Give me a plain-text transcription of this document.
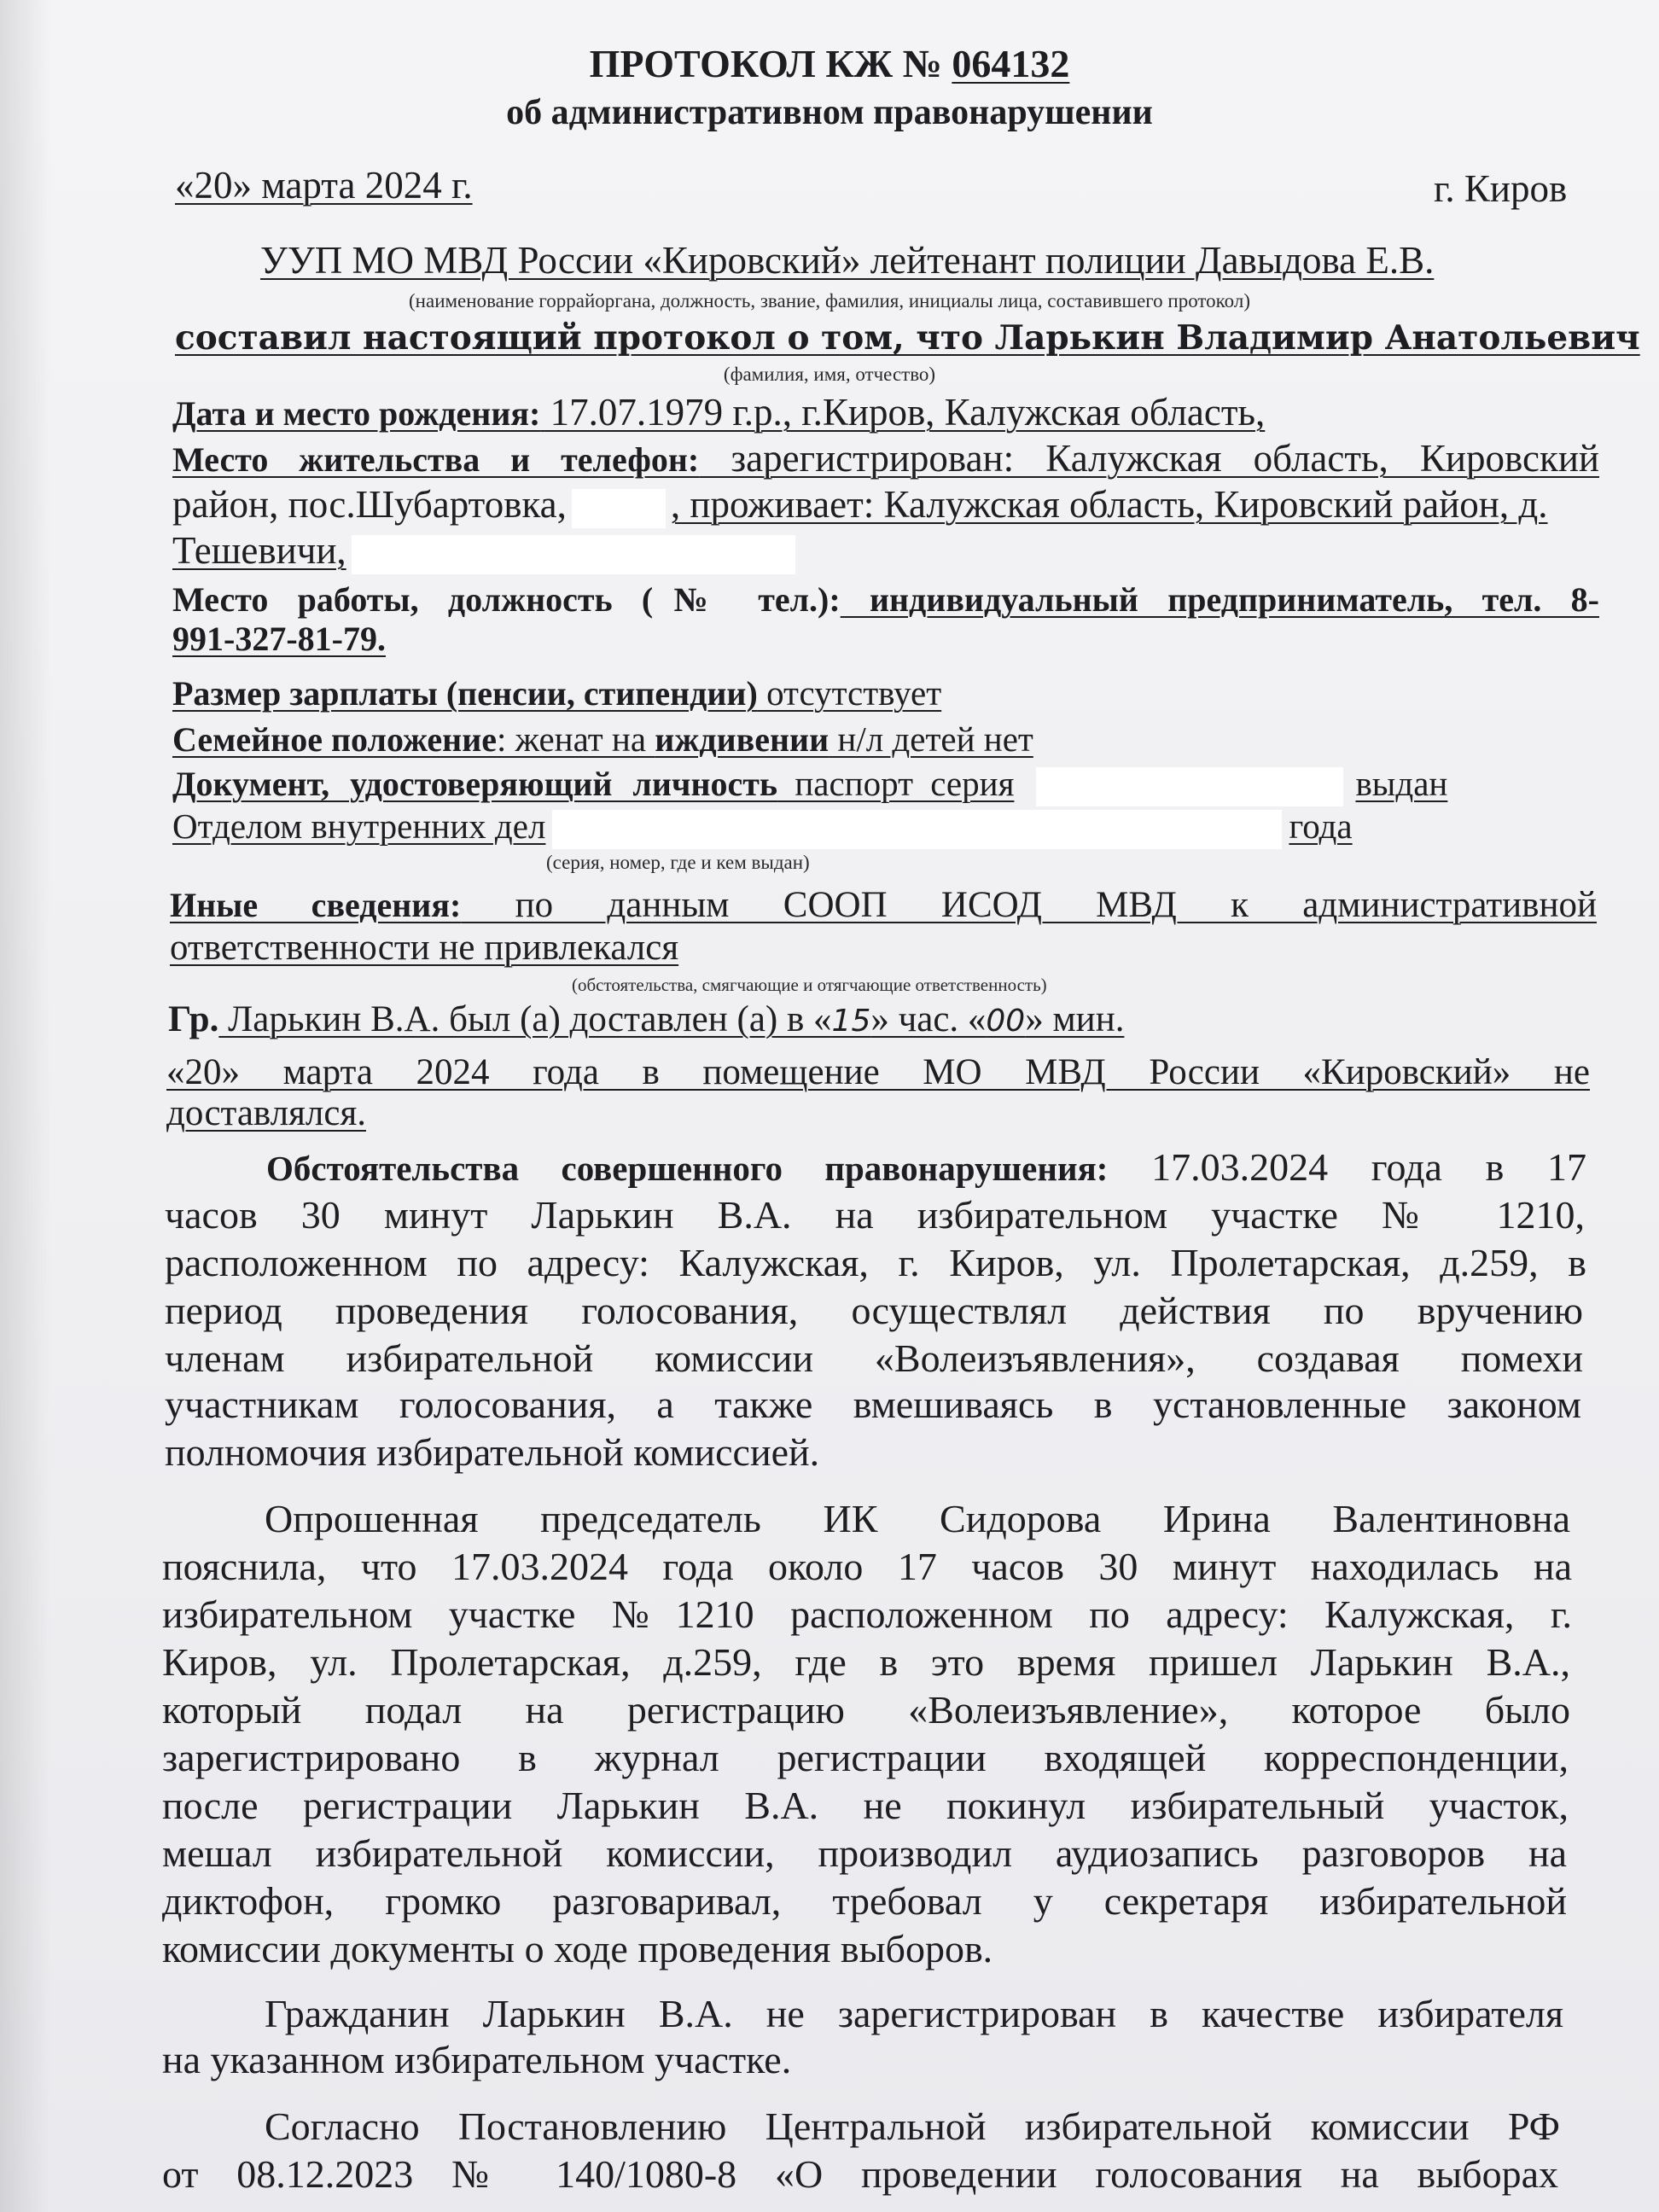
ПРОТОКОЛ КЖ № 064132
об административном правонарушении
«20» марта 2024 г.	г. Киров
УУП МО МВД России «Кировский» лейтенант полиции Давыдова Е.В.
(наименование горрайоргана, должность, звание, фамилия, инициалы лица, составившего протокол)
составил настоящий протокол о том, что Ларькин Владимир Анатольевич
(фамилия, имя, отчество)
Дата и место рождения: 17.07.1979 г.р., г.Киров, Калужская область,
Место жительства и телефон: зарегистрирован: Калужская область, Кировский
район, пос.Шубартовка,	, проживает: Калужская область, Кировский район, д.
Тешевичи,
Место работы, должность (№ тел.): индивидуальный предприниматель, тел. 8-
991-327-81-79.
Размер зарплаты (пенсии, стипендии) отсутствует
Семейное положение: женат на иждивении н/л детей нет
Документ, удостоверяющий личность паспорт серия	выдан
Отделом внутренних дел	года
(серия, номер, где и кем выдан)
Иные сведения: по данным СООП ИСОД МВД к административной
ответственности не привлекался
(обстоятельства, смягчающие и отягчающие ответственность)
Гр. Ларькин В.А. был (а) доставлен (а) в «15» час. «00» мин.
«20» марта 2024 года в помещение МО МВД России «Кировский» не
доставлялся.
Обстоятельства совершенного правонарушения: 17.03.2024 года в 17
часов 30 минут Ларькин В.А. на избирательном участке № 1210,
расположенном по адресу: Калужская, г. Киров, ул. Пролетарская, д.259, в
период проведения голосования, осуществлял действия по вручению
членам избирательной комиссии «Волеизъявления», создавая помехи
участникам голосования, а также вмешиваясь в установленные законом
полномочия избирательной комиссией.
Опрошенная председатель ИК Сидорова Ирина Валентиновна
пояснила, что 17.03.2024 года около 17 часов 30 минут находилась на
избирательном участке №1210 расположенном по адресу: Калужская, г.
Киров, ул. Пролетарская, д.259, где в это время пришел Ларькин В.А.,
который подал на регистрацию «Волеизъявление», которое было
зарегистрировано в журнал регистрации входящей корреспонденции,
после регистрации Ларькин В.А. не покинул избирательный участок,
мешал избирательной комиссии, производил аудиозапись разговоров на
диктофон, громко разговаривал, требовал у секретаря избирательной
комиссии документы о ходе проведения выборов.
Гражданин Ларькин В.А. не зарегистрирован в качестве избирателя
на указанном избирательном участке.
Согласно Постановлению Центральной избирательной комиссии РФ
от 08.12.2023 № 140/1080-8 «О проведении голосования на выборах
